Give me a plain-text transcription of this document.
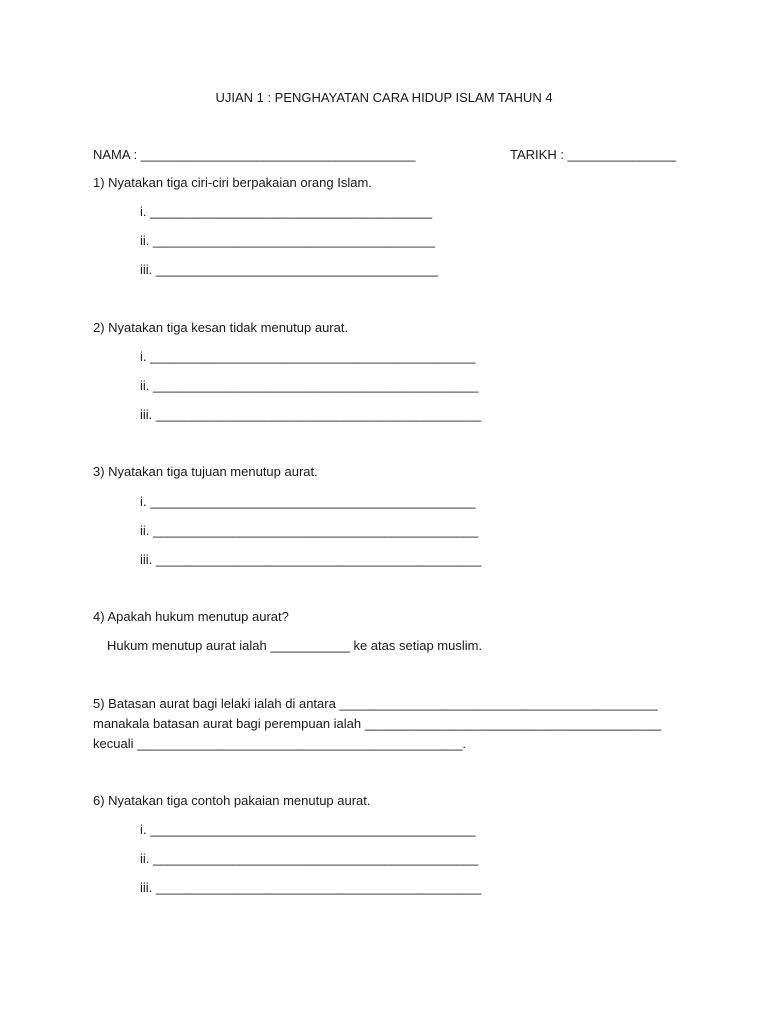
UJIAN 1 : PENGHAYATAN CARA HIDUP ISLAM TAHUN 4
NAMA : ______________________________________	TARIKH : _______________
1) Nyatakan tiga ciri-ciri berpakaian orang Islam.
i. _______________________________________
ii. _______________________________________
iii. _______________________________________
2) Nyatakan tiga kesan tidak menutup aurat.
i. _____________________________________________
ii. _____________________________________________
iii. _____________________________________________
3) Nyatakan tiga tujuan menutup aurat.
i. _____________________________________________
ii. _____________________________________________
iii. _____________________________________________
4) Apakah hukum menutup aurat?
Hukum menutup aurat ialah ___________ ke atas setiap muslim.
5) Batasan aurat bagi lelaki ialah di antara ____________________________________________
manakala batasan aurat bagi perempuan ialah _________________________________________
kecuali _____________________________________________.
6) Nyatakan tiga contoh pakaian menutup aurat.
i. _____________________________________________
ii. _____________________________________________
iii. _____________________________________________
